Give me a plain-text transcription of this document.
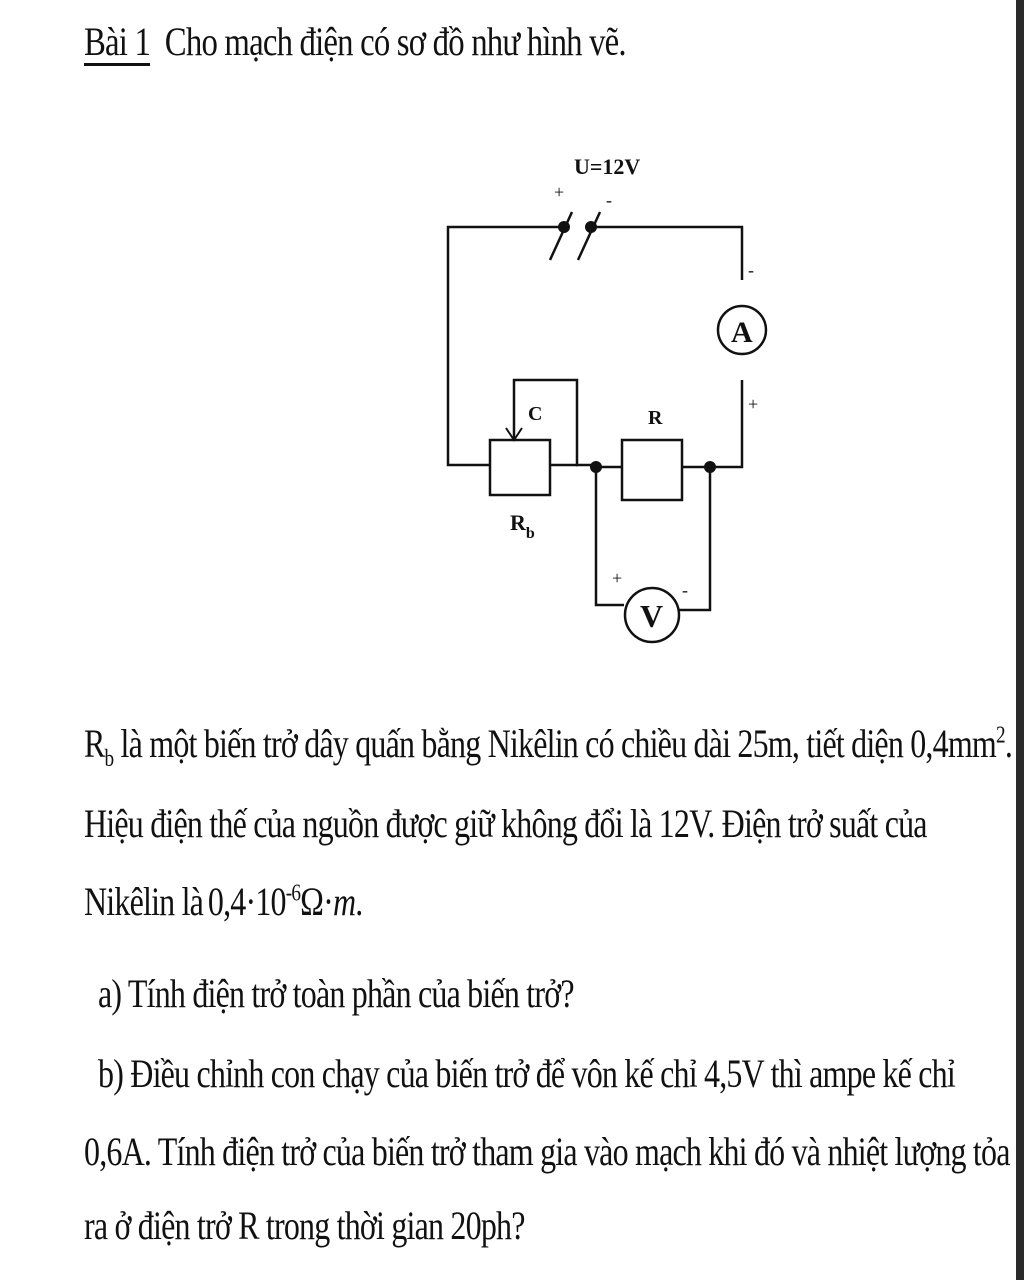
Bài 1 Cho mạch điện có sơ đồ như hình vẽ.
U=12V
+ -
A
-
+
C	R
$R_b$
V
+
-
$R_b$ là một biến trở dây quấn bằng Nikêlin có chiều dài 25m, tiết diện $0,4mm^2$.
Hiệu điện thế của nguồn được giữ không đổi là 12V. Điện trở suất của
Nikêlin là $0,4\cdot 10^{-6}\Omega\cdot m$.
a) Tính điện trở toàn phần của biến trở?
b) Điều chỉnh con chạy của biến trở để vôn kế chỉ 4,5V thì ampe kế chỉ
0,6A. Tính điện trở của biến trở tham gia vào mạch khi đó và nhiệt lượng tỏa
ra ở điện trở R trong thời gian 20ph?
